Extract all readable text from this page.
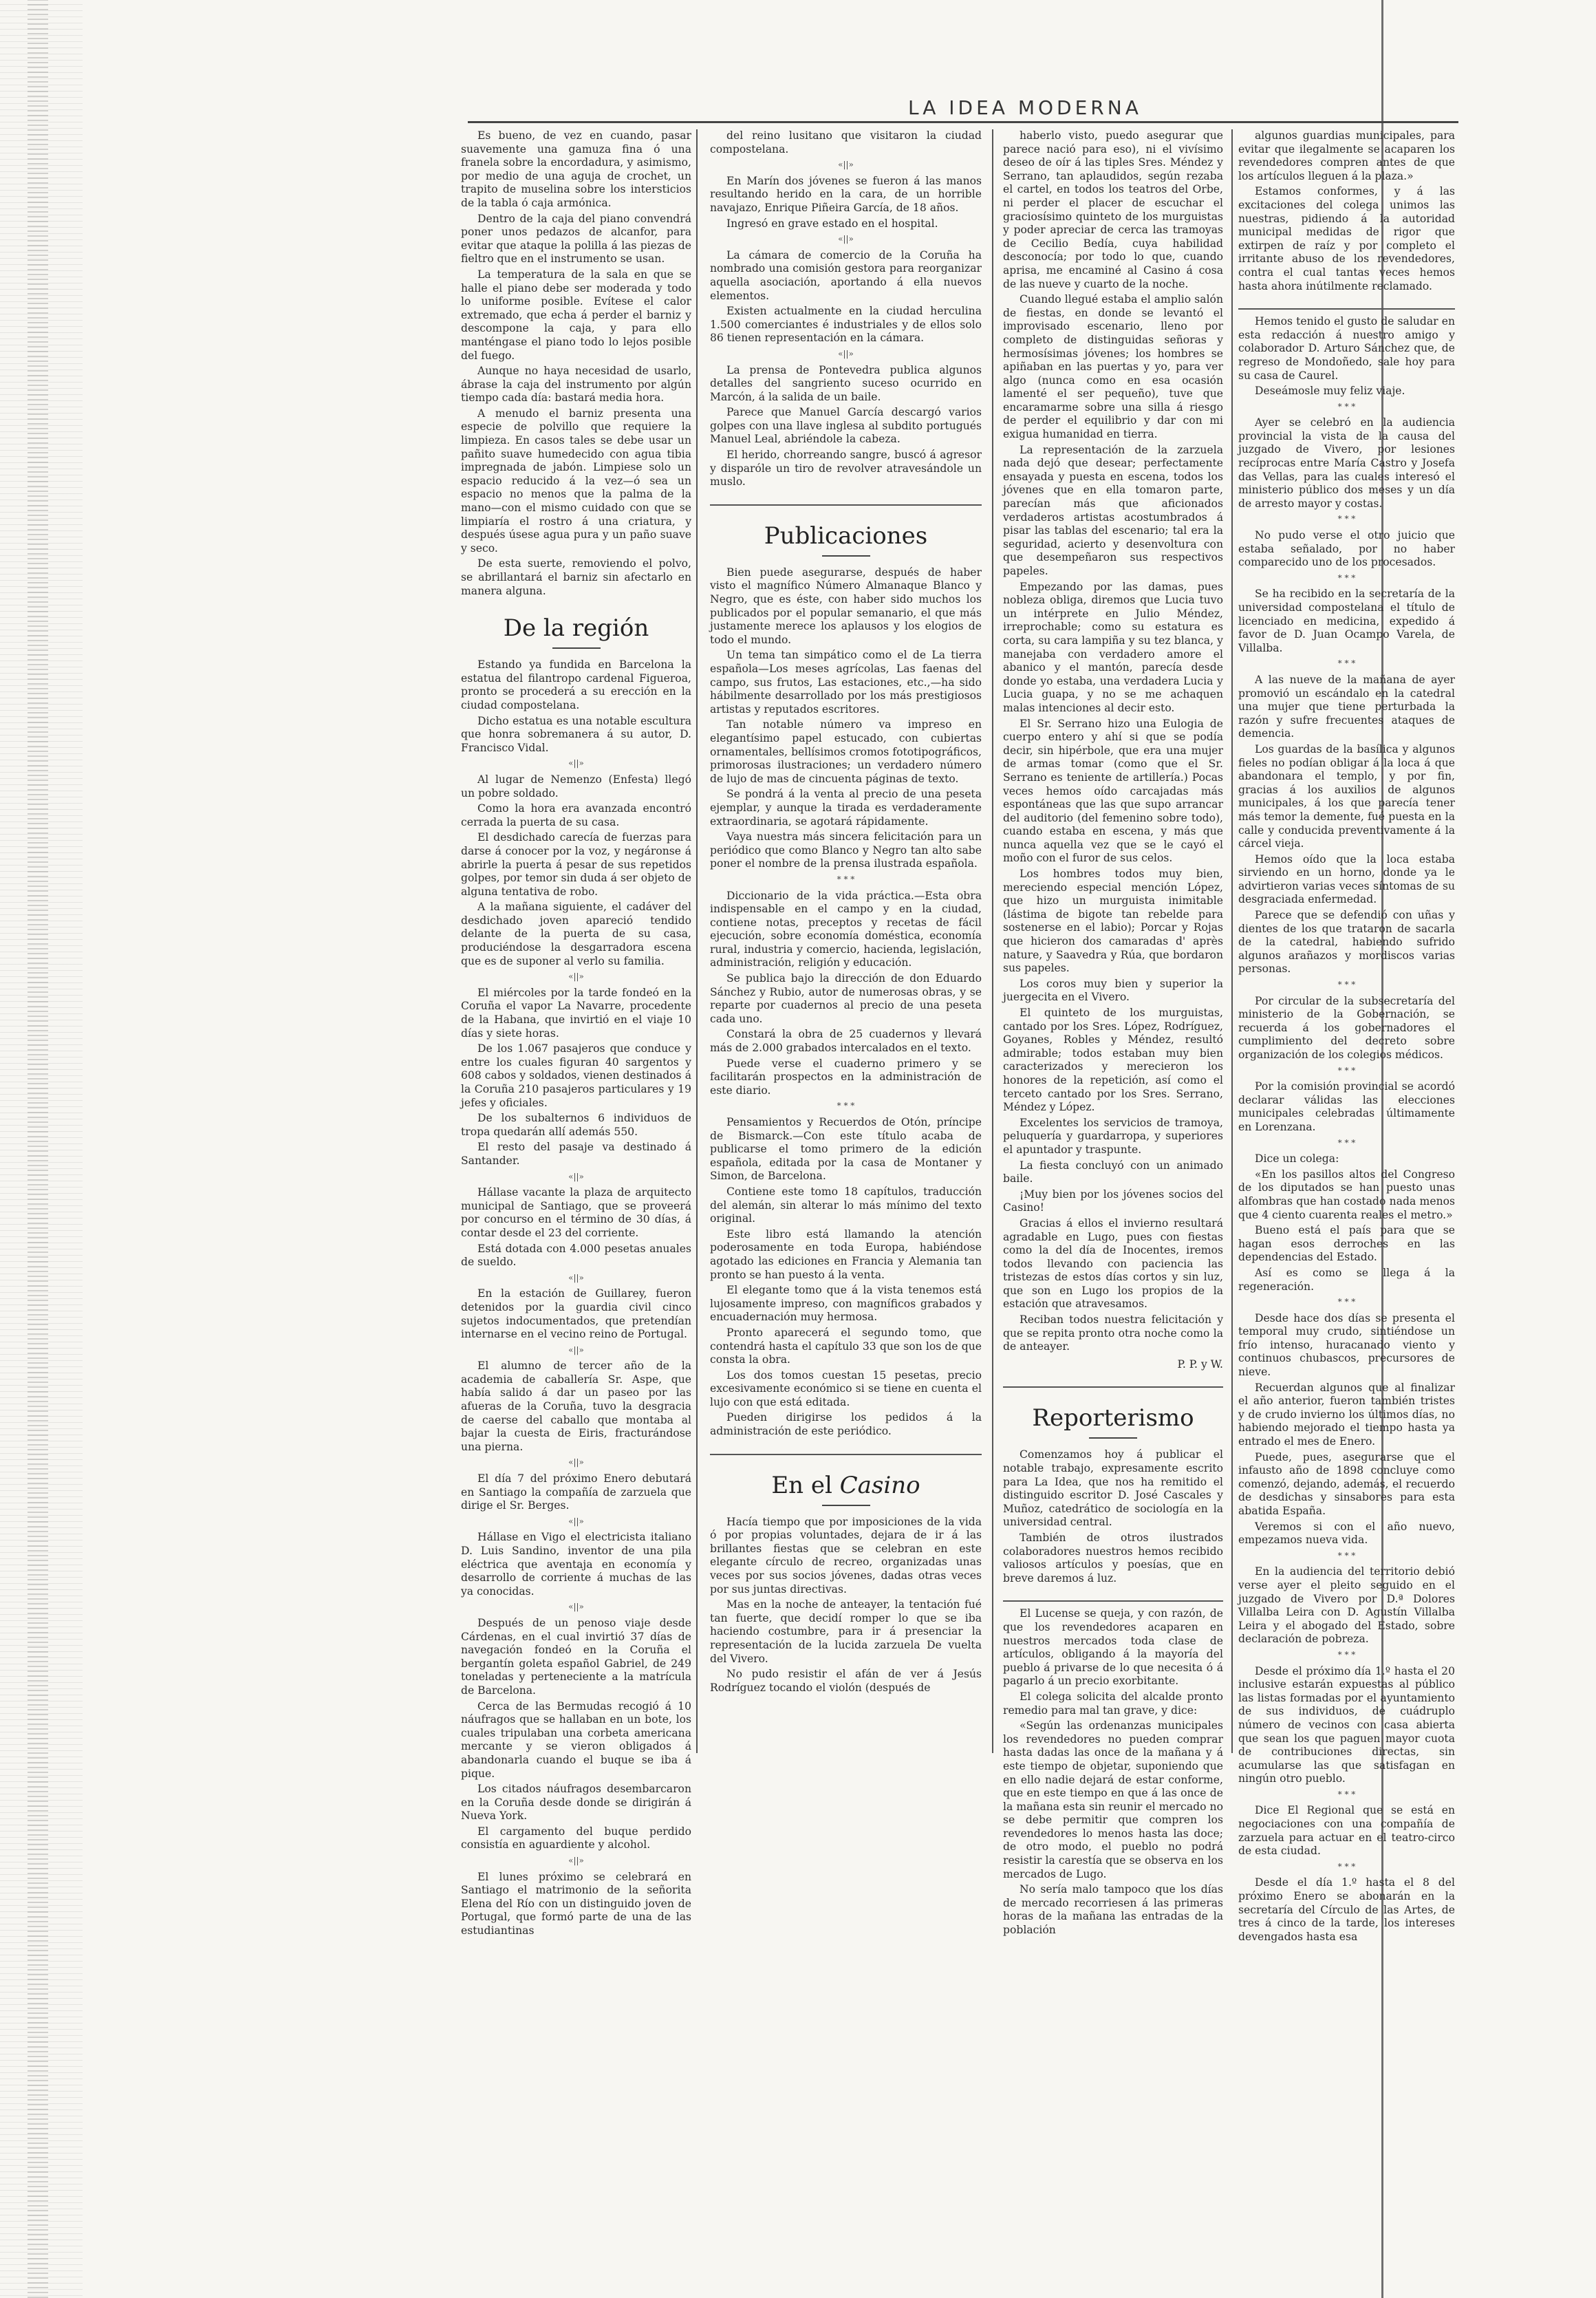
LA IDEA MODERNA

Es bueno, de vez en cuando, pasar suavemente una gamuza fina ó una franela sobre la encordadura, y asimismo, por medio de una aguja de crochet, un trapito de muselina sobre los intersticios de la tabla ó caja armónica.

Dentro de la caja del piano convendrá poner unos pedazos de alcanfor, para evitar que ataque la polilla á las piezas de fieltro que en el instrumento se usan.

La temperatura de la sala en que se halle el piano debe ser moderada y todo lo uniforme posible. Evítese el calor extremado, que echa á perder el barniz y descompone la caja, y para ello manténgase el piano todo lo lejos posible del fuego.

Aunque no haya necesidad de usarlo, ábrase la caja del instrumento por algún tiempo cada día: bastará media hora.

A menudo el barniz presenta una especie de polvillo que requiere la limpieza. En casos tales se debe usar un pañito suave humedecido con agua tibia impregnada de jabón. Limpiese solo un espacio reducido á la vez—ó sea un espacio no menos que la palma de la mano—con el mismo cuidado con que se limpiaría el rostro á una criatura, y después úsese agua pura y un paño suave y seco.

De esta suerte, removiendo el polvo, se abrillantará el barniz sin afectarlo en manera alguna.

De la región

Estando ya fundida en Barcelona la estatua del filantropo cardenal Figueroa, pronto se procederá a su erección en la ciudad compostelana.

Dicho estatua es una notable escultura que honra sobremanera á su autor, D. Francisco Vidal.

«||»

Al lugar de Nemenzo (Enfesta) llegó un pobre soldado.

Como la hora era avanzada encontró cerrada la puerta de su casa.

El desdichado carecía de fuerzas para darse á conocer por la voz, y negáronse á abrirle la puerta á pesar de sus repetidos golpes, por temor sin duda á ser objeto de alguna tentativa de robo.

A la mañana siguiente, el cadáver del desdichado joven apareció tendido delante de la puerta de su casa, produciéndose la desgarradora escena que es de suponer al verlo su familia.

«||»

El miércoles por la tarde fondeó en la Coruña el vapor La Navarre, procedente de la Habana, que invirtió en el viaje 10 días y siete horas.

De los 1.067 pasajeros que conduce y entre los cuales figuran 40 sargentos y 608 cabos y soldados, vienen destinados á la Coruña 210 pasajeros particulares y 19 jefes y oficiales.

De los subalternos 6 individuos de tropa quedarán allí además 550.

El resto del pasaje va destinado á Santander.

«||»

Hállase vacante la plaza de arquitecto municipal de Santiago, que se proveerá por concurso en el término de 30 días, á contar desde el 23 del corriente.

Está dotada con 4.000 pesetas anuales de sueldo.

«||»

En la estación de Guillarey, fueron detenidos por la guardia civil cinco sujetos indocumentados, que pretendían internarse en el vecino reino de Portugal.

«||»

El alumno de tercer año de la academia de caballería Sr. Aspe, que había salido á dar un paseo por las afueras de la Coruña, tuvo la desgracia de caerse del caballo que montaba al bajar la cuesta de Eiris, fracturándose una pierna.

«||»

El día 7 del próximo Enero debutará en Santiago la compañía de zarzuela que dirige el Sr. Berges.

«||»

Hállase en Vigo el electricista italiano D. Luis Sandino, inventor de una pila eléctrica que aventaja en economía y desarrollo de corriente á muchas de las ya conocidas.

«||»

Después de un penoso viaje desde Cárdenas, en el cual invirtió 37 días de navegación fondeó en la Coruña el bergantín goleta español Gabriel, de 249 toneladas y perteneciente a la matrícula de Barcelona.

Cerca de las Bermudas recogió á 10 náufragos que se hallaban en un bote, los cuales tripulaban una corbeta americana mercante y se vieron obligados á abandonarla cuando el buque se iba á pique.

Los citados náufragos desembarcaron en la Coruña desde donde se dirigirán á Nueva York.

El cargamento del buque perdido consistía en aguardiente y alcohol.

«||»

El lunes próximo se celebrará en Santiago el matrimonio de la señorita Elena del Río con un distinguido joven de Portugal, que formó parte de una de las estudiantinas

del reino lusitano que visitaron la ciudad compostelana.

«||»

En Marín dos jóvenes se fueron á las manos resultando herido en la cara, de un horrible navajazo, Enrique Piñeira García, de 18 años.

Ingresó en grave estado en el hospital.

«||»

La cámara de comercio de la Coruña ha nombrado una comisión gestora para reorganizar aquella asociación, aportando á ella nuevos elementos.

Existen actualmente en la ciudad herculina 1.500 comerciantes é industriales y de ellos solo 86 tienen representación en la cámara.

«||»

La prensa de Pontevedra publica algunos detalles del sangriento suceso ocurrido en Marcón, á la salida de un baile.

Parece que Manuel García descargó varios golpes con una llave inglesa al subdito portugués Manuel Leal, abriéndole la cabeza.

El herido, chorreando sangre, buscó á agresor y disparóle un tiro de revolver atravesándole un muslo.

Publicaciones

Bien puede asegurarse, después de haber visto el magnífico Número Almanaque Blanco y Negro, que es éste, con haber sido muchos los publicados por el popular semanario, el que más justamente merece los aplausos y los elogios de todo el mundo.

Un tema tan simpático como el de La tierra española—Los meses agrícolas, Las faenas del campo, sus frutos, Las estaciones, etc.,—ha sido hábilmente desarrollado por los más prestigiosos artistas y reputados escritores.

Tan notable número va impreso en elegantísimo papel estucado, con cubiertas ornamentales, bellísimos cromos fototipográficos, primorosas ilustraciones; un verdadero número de lujo de mas de cincuenta páginas de texto.

Se pondrá á la venta al precio de una peseta ejemplar, y aunque la tirada es verdaderamente extraordinaria, se agotará rápidamente.

Vaya nuestra más sincera felicitación para un periódico que como Blanco y Negro tan alto sabe poner el nombre de la prensa ilustrada española.

* * *

Diccionario de la vida práctica.—Esta obra indispensable en el campo y en la ciudad, contiene notas, preceptos y recetas de fácil ejecución, sobre economía doméstica, economía rural, industria y comercio, hacienda, legislación, administración, religión y educación.

Se publica bajo la dirección de don Eduardo Sánchez y Rubio, autor de numerosas obras, y se reparte por cuadernos al precio de una peseta cada uno.

Constará la obra de 25 cuadernos y llevará más de 2.000 grabados intercalados en el texto.

Puede verse el cuaderno primero y se facilitarán prospectos en la administración de este diario.

* * *

Pensamientos y Recuerdos de Otón, príncipe de Bismarck.—Con este título acaba de publicarse el tomo primero de la edición española, editada por la casa de Montaner y Simon, de Barcelona.

Contiene este tomo 18 capítulos, traducción del alemán, sin alterar lo más mínimo del texto original.

Este libro está llamando la atención poderosamente en toda Europa, habiéndose agotado las ediciones en Francia y Alemania tan pronto se han puesto á la venta.

El elegante tomo que á la vista tenemos está lujosamente impreso, con magníficos grabados y encuadernación muy hermosa.

Pronto aparecerá el segundo tomo, que contendrá hasta el capítulo 33 que son los de que consta la obra.

Los dos tomos cuestan 15 pesetas, precio excesivamente económico si se tiene en cuenta el lujo con que está editada.

Pueden dirigirse los pedidos á la administración de este periódico.

En el Casino

Hacía tiempo que por imposiciones de la vida ó por propias voluntades, dejara de ir á las brillantes fiestas que se celebran en este elegante círculo de recreo, organizadas unas veces por sus socios jóvenes, dadas otras veces por sus juntas directivas.

Mas en la noche de anteayer, la tentación fué tan fuerte, que decidí romper lo que se iba haciendo costumbre, para ir á presenciar la representación de la lucida zarzuela De vuelta del Vivero.

No pudo resistir el afán de ver á Jesús Rodríguez tocando el violón (después de

haberlo visto, puedo asegurar que parece nació para eso), ni el vivísimo deseo de oír á las tiples Sres. Méndez y Serrano, tan aplaudidos, según rezaba el cartel, en todos los teatros del Orbe, ni perder el placer de escuchar el graciosísimo quinteto de los murguistas y poder apreciar de cerca las tramoyas de Cecilio Bedía, cuya habilidad desconocía; por todo lo que, cuando aprisa, me encaminé al Casino á cosa de las nueve y cuarto de la noche.

Cuando llegué estaba el amplio salón de fiestas, en donde se levantó el improvisado escenario, lleno por completo de distinguidas señoras y hermosísimas jóvenes; los hombres se apiñaban en las puertas y yo, para ver algo (nunca como en esa ocasión lamenté el ser pequeño), tuve que encaramarme sobre una silla á riesgo de perder el equilibrio y dar con mi exigua humanidad en tierra.

La representación de la zarzuela nada dejó que desear; perfectamente ensayada y puesta en escena, todos los jóvenes que en ella tomaron parte, parecían más que aficionados verdaderos artistas acostumbrados á pisar las tablas del escenario; tal era la seguridad, acierto y desenvoltura con que desempeñaron sus respectivos papeles.

Empezando por las damas, pues nobleza obliga, diremos que Lucia tuvo un intérprete en Julio Méndez, irreprochable; como su estatura es corta, su cara lampiña y su tez blanca, y manejaba con verdadero amore el abanico y el mantón, parecía desde donde yo estaba, una verdadera Lucia y Lucia guapa, y no se me achaquen malas intenciones al decir esto.

El Sr. Serrano hizo una Eulogia de cuerpo entero y ahí si que se podía decir, sin hipérbole, que era una mujer de armas tomar (como que el Sr. Serrano es teniente de artillería.) Pocas veces hemos oído carcajadas más espontáneas que las que supo arrancar del auditorio (del femenino sobre todo), cuando estaba en escena, y más que nunca aquella vez que se le cayó el moño con el furor de sus celos.

Los hombres todos muy bien, mereciendo especial mención López, que hizo un murguista inimitable (lástima de bigote tan rebelde para sostenerse en el labio); Porcar y Rojas que hicieron dos camaradas d' après nature, y Saavedra y Rúa, que bordaron sus papeles.

Los coros muy bien y superior la juergecita en el Vivero.

El quinteto de los murguistas, cantado por los Sres. López, Rodríguez, Goyanes, Robles y Méndez, resultó admirable; todos estaban muy bien caracterizados y merecieron los honores de la repetición, así como el terceto cantado por los Sres. Serrano, Méndez y López.

Excelentes los servicios de tramoya, peluquería y guardarropa, y superiores el apuntador y traspunte.

La fiesta concluyó con un animado baile.

¡Muy bien por los jóvenes socios del Casino!

Gracias á ellos el invierno resultará agradable en Lugo, pues con fiestas como la del día de Inocentes, iremos todos llevando con paciencia las tristezas de estos días cortos y sin luz, que son en Lugo los propios de la estación que atravesamos.

Reciban todos nuestra felicitación y que se repita pronto otra noche como la de anteayer.

P. P. y W.

Reporterismo

Comenzamos hoy á publicar el notable trabajo, expresamente escrito para La Idea, que nos ha remitido el distinguido escritor D. José Cascales y Muñoz, catedrático de sociología en la universidad central.

También de otros ilustrados colaboradores nuestros hemos recibido valiosos artículos y poesías, que en breve daremos á luz.

El Lucense se queja, y con razón, de que los revendedores acaparen en nuestros mercados toda clase de artículos, obligando á la mayoría del pueblo á privarse de lo que necesita ó á pagarlo á un precio exorbitante.

El colega solicita del alcalde pronto remedio para mal tan grave, y dice:

«Según las ordenanzas municipales los revendedores no pueden comprar hasta dadas las once de la mañana y á este tiempo de objetar, suponiendo que en ello nadie dejará de estar conforme, que en este tiempo en que á las once de la mañana esta sin reunir el mercado no se debe permitir que compren los revendedores lo menos hasta las doce; de otro modo, el pueblo no podrá resistir la carestía que se observa en los mercados de Lugo.

No sería malo tampoco que los días de mercado recorriesen á las primeras horas de la mañana las entradas de la población

algunos guardias municipales, para evitar que ilegalmente se acaparen los revendedores compren antes de que los artículos lleguen á la plaza.»

Estamos conformes, y á las excitaciones del colega unimos las nuestras, pidiendo á la autoridad municipal medidas de rigor que extirpen de raíz y por completo el irritante abuso de los revendedores, contra el cual tantas veces hemos hasta ahora inútilmente reclamado.

Hemos tenido el gusto de saludar en esta redacción á nuestro amigo y colaborador D. Arturo Sánchez que, de regreso de Mondoñedo, sale hoy para su casa de Caurel.

Deseámosle muy feliz viaje.

* * *

Ayer se celebró en la audiencia provincial la vista de la causa del juzgado de Vivero, por lesiones recíprocas entre María Castro y Josefa das Vellas, para las cuales interesó el ministerio público dos meses y un día de arresto mayor y costas.

* * *

No pudo verse el otro juicio que estaba señalado, por no haber comparecido uno de los procesados.

* * *

Se ha recibido en la secretaría de la universidad compostelana el título de licenciado en medicina, expedido á favor de D. Juan Ocampo Varela, de Villalba.

* * *

A las nueve de la mañana de ayer promovió un escándalo en la catedral una mujer que tiene perturbada la razón y sufre frecuentes ataques de demencia.

Los guardas de la basílica y algunos fieles no podían obligar á la loca á que abandonara el templo, y por fin, gracias á los auxilios de algunos municipales, á los que parecía tener más temor la demente, fué puesta en la calle y conducida preventivamente á la cárcel vieja.

Hemos oído que la loca estaba sirviendo en un horno, donde ya le advirtieron varias veces síntomas de su desgraciada enfermedad.

Parece que se defendió con uñas y dientes de los que trataron de sacarla de la catedral, habiendo sufrido algunos arañazos y mordiscos varias personas.

* * *

Por circular de la subsecretaría del ministerio de la Gobernación, se recuerda á los gobernadores el cumplimiento del decreto sobre organización de los colegios médicos.

* * *

Por la comisión provincial se acordó declarar válidas las elecciones municipales celebradas últimamente en Lorenzana.

* * *

Dice un colega:

«En los pasillos altos del Congreso de los diputados se han puesto unas alfombras que han costado nada menos que 4 ciento cuarenta reales el metro.»

Bueno está el país para que se hagan esos derroches en las dependencias del Estado.

Así es como se llega á la regeneración.

* * *

Desde hace dos días se presenta el temporal muy crudo, sintiéndose un frío intenso, huracanado viento y continuos chubascos, precursores de nieve.

Recuerdan algunos que al finalizar el año anterior, fueron también tristes y de crudo invierno los últimos días, no habiendo mejorado el tiempo hasta ya entrado el mes de Enero.

Puede, pues, asegurarse que el infausto año de 1898 concluye como comenzó, dejando, además, el recuerdo de desdichas y sinsabores para esta abatida España.

Veremos si con el año nuevo, empezamos nueva vida.

* * *

En la audiencia del territorio debió verse ayer el pleito seguido en el juzgado de Vivero por D.ª Dolores Villalba Leira con D. Agustín Villalba Leira y el abogado del Estado, sobre declaración de pobreza.

* * *

Desde el próximo día 1.º hasta el 20 inclusive estarán expuestas al público las listas formadas por el ayuntamiento de sus individuos, de cuádruplo número de vecinos con casa abierta que sean los que paguen mayor cuota de contribuciones directas, sin acumularse las que satisfagan en ningún otro pueblo.

* * *

Dice El Regional que se está en negociaciones con una compañía de zarzuela para actuar en el teatro-circo de esta ciudad.

* * *

Desde el día 1.º hasta el 8 del próximo Enero se abonarán en la secretaría del Círculo de las Artes, de tres á cinco de la tarde, los intereses devengados hasta esa
